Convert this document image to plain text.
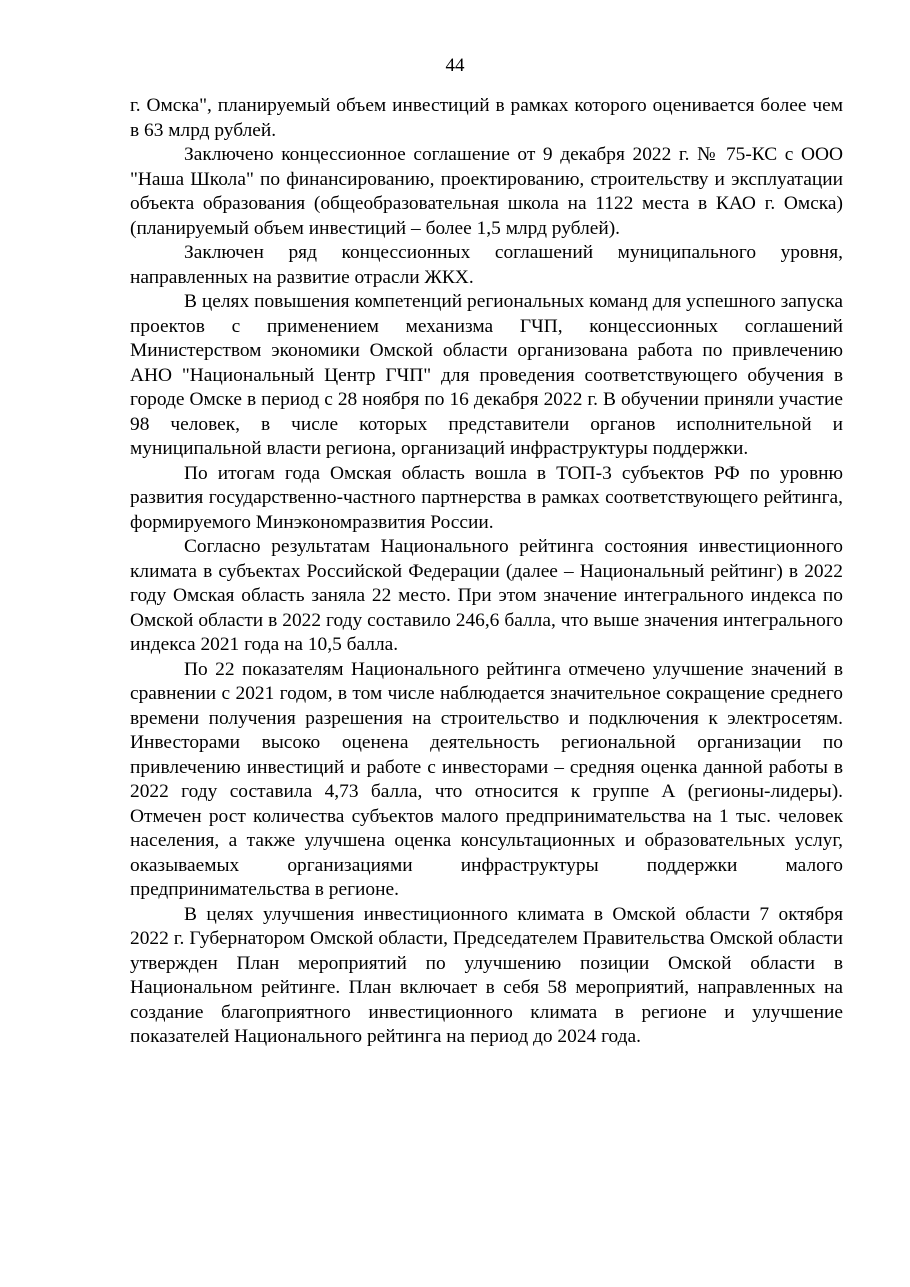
44

г. Омска", планируемый объем инвестиций в рамках которого оценивается более чем в 63 млрд рублей.

Заключено концессионное соглашение от 9 декабря 2022 г. № 75-КС с ООО "Наша Школа" по финансированию, проектированию, строительству и эксплуатации объекта образования (общеобразовательная школа на 1122 места в КАО г. Омска) (планируемый объем инвестиций – более 1,5 млрд рублей).

Заключен ряд концессионных соглашений муниципального уровня, направленных на развитие отрасли ЖКХ.

В целях повышения компетенций региональных команд для успешного запуска проектов с применением механизма ГЧП, концессионных соглашений Министерством экономики Омской области организована работа по привлечению АНО "Национальный Центр ГЧП" для проведения соответствующего обучения в городе Омске в период с 28 ноября по 16 декабря 2022 г. В обучении приняли участие 98 человек, в числе которых представители органов исполнительной и муниципальной власти региона, организаций инфраструктуры поддержки.

По итогам года Омская область вошла в ТОП-3 субъектов РФ по уровню развития государственно-частного партнерства в рамках соответствующего рейтинга, формируемого Минэкономразвития России.

Согласно результатам Национального рейтинга состояния инвестиционного климата в субъектах Российской Федерации (далее – Национальный рейтинг) в 2022 году Омская область заняла 22 место. При этом значение интегрального индекса по Омской области в 2022 году составило 246,6 балла, что выше значения интегрального индекса 2021 года на 10,5 балла.

По 22 показателям Национального рейтинга отмечено улучшение значений в сравнении с 2021 годом, в том числе наблюдается значительное сокращение среднего времени получения разрешения на строительство и подключения к электросетям. Инвесторами высоко оценена деятельность региональной организации по привлечению инвестиций и работе с инвесторами – средняя оценка данной работы в 2022 году составила 4,73 балла, что относится к группе А (регионы-лидеры). Отмечен рост количества субъектов малого предпринимательства на 1 тыс. человек населения, а также улучшена оценка консультационных и образовательных услуг, оказываемых организациями инфраструктуры поддержки малого предпринимательства в регионе.

В целях улучшения инвестиционного климата в Омской области 7 октября 2022 г. Губернатором Омской области, Председателем Правительства Омской области утвержден План мероприятий по улучшению позиции Омской области в Национальном рейтинге. План включает в себя 58 мероприятий, направленных на создание благоприятного инвестиционного климата в регионе и улучшение показателей Национального рейтинга на период до 2024 года.
